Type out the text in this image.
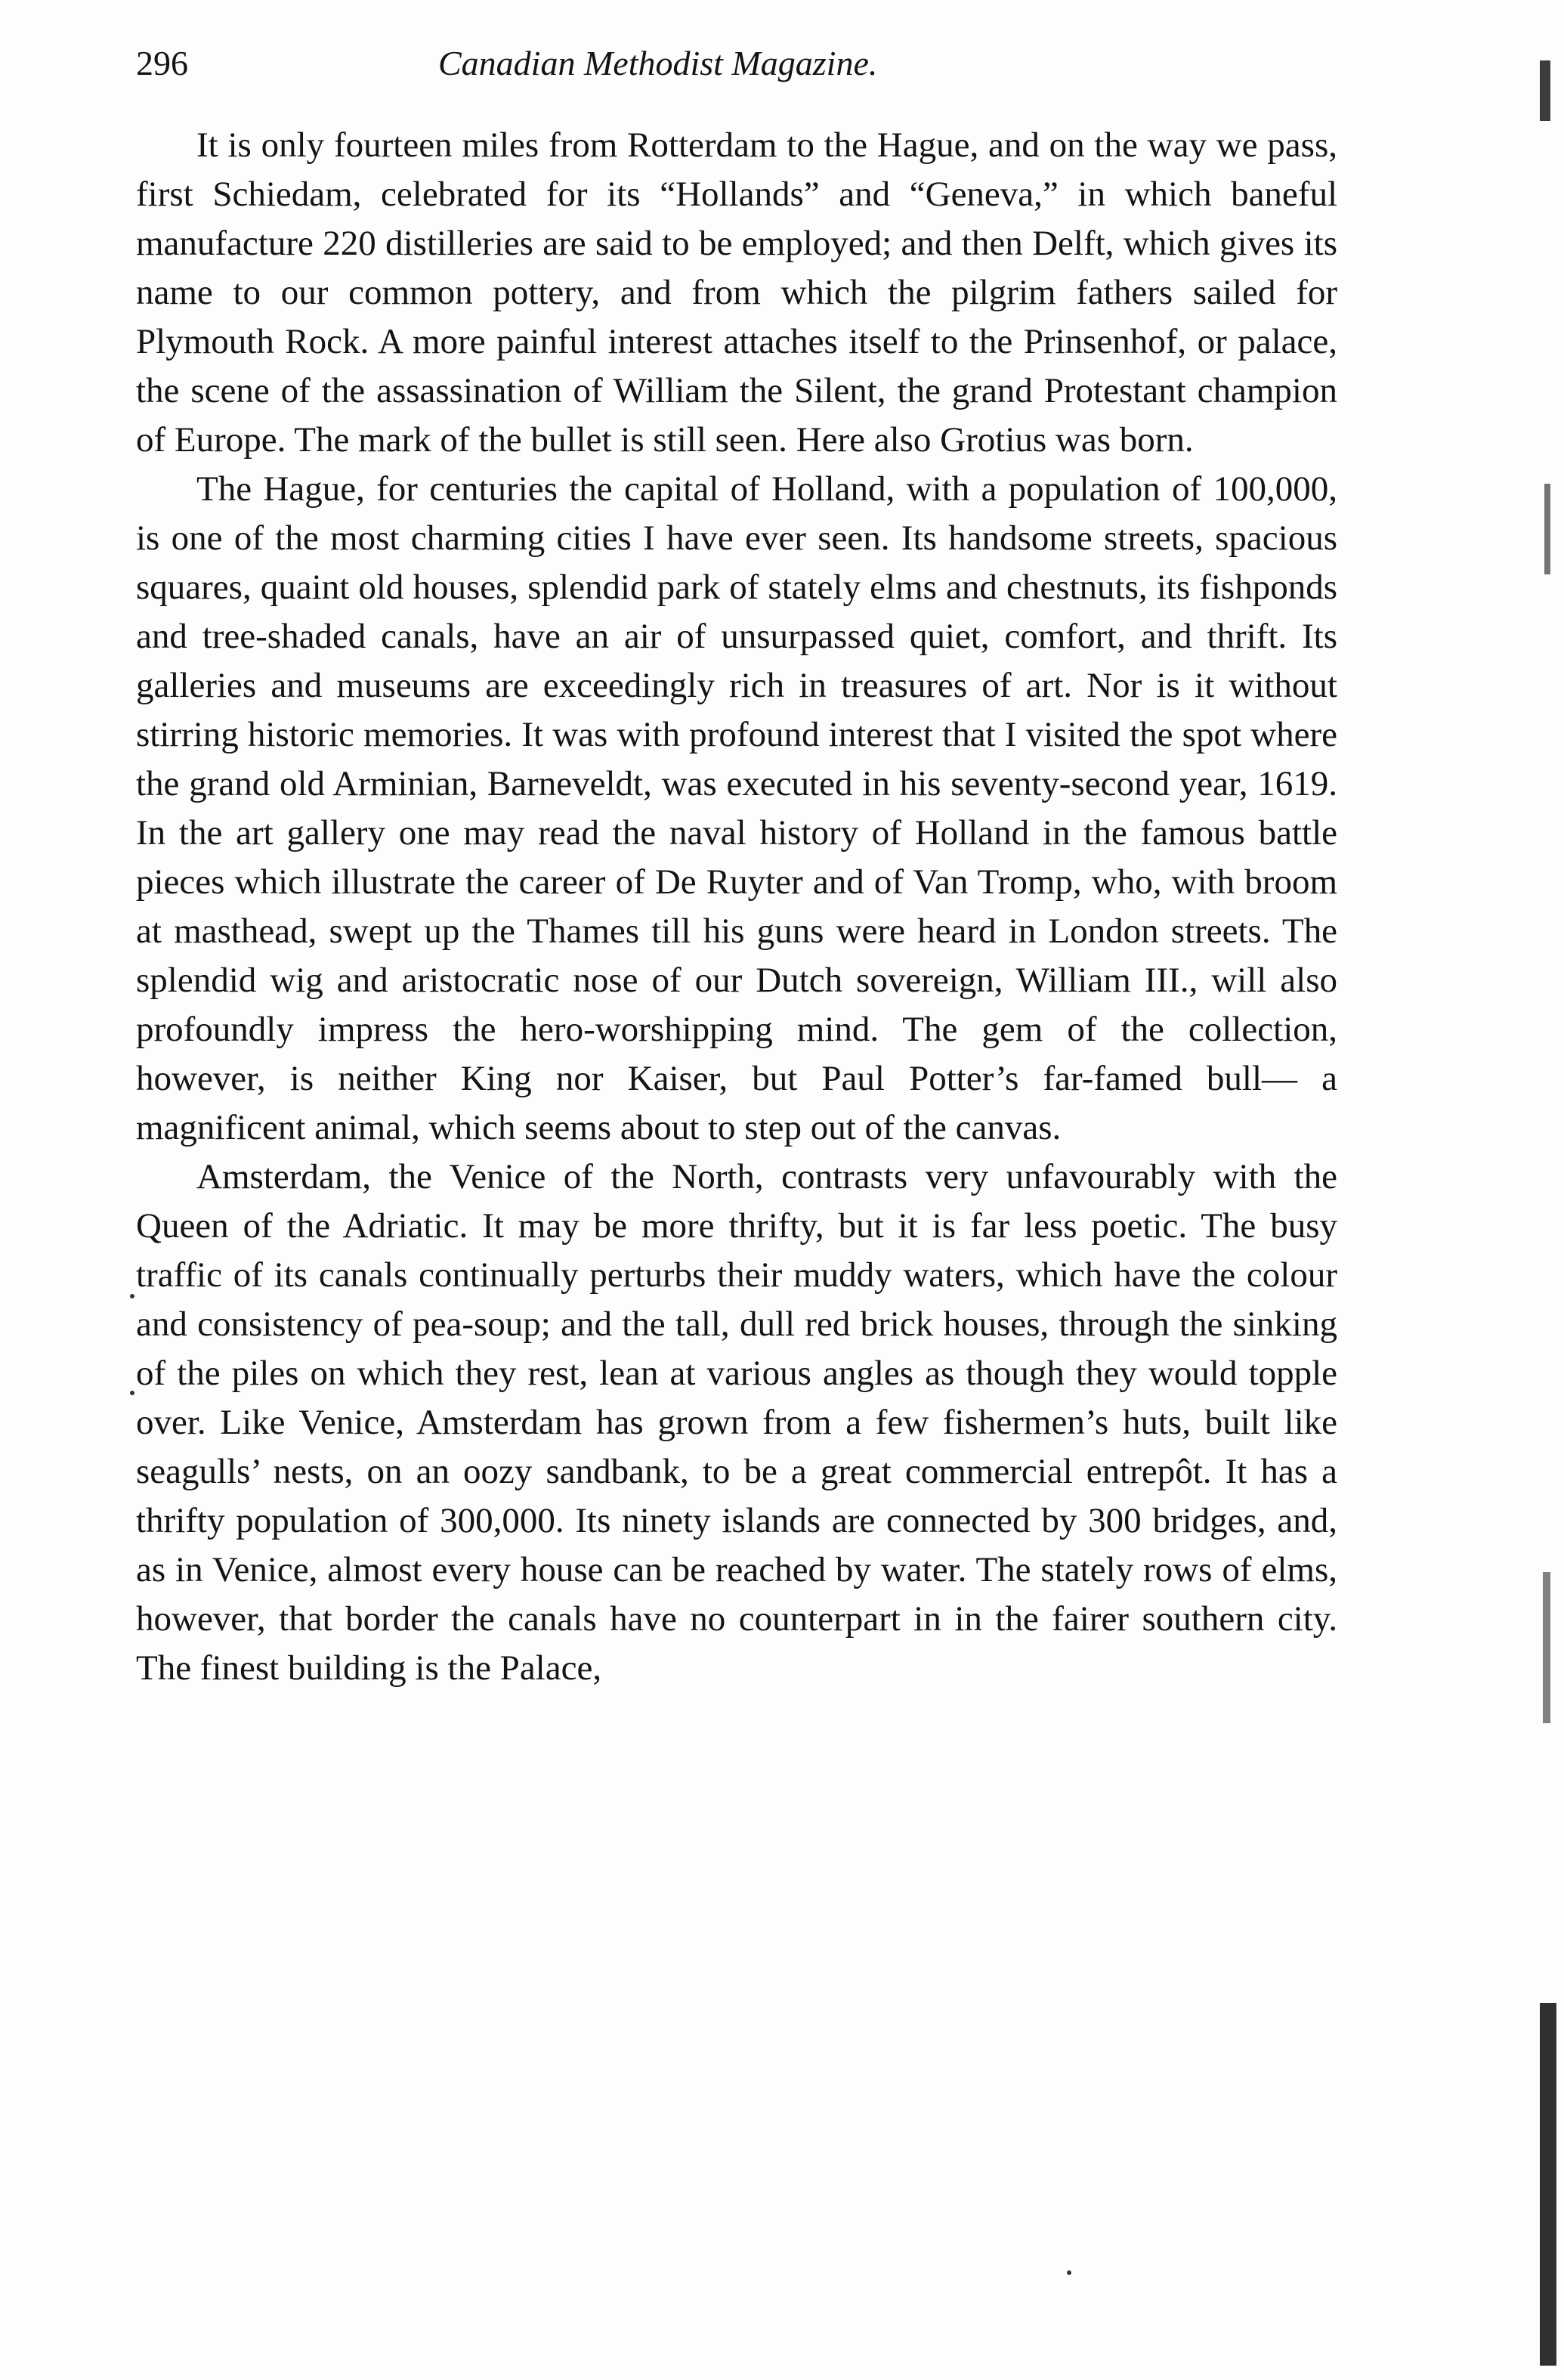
296	Canadian Methodist Magazine.

It is only fourteen miles from Rotterdam to the Hague, and on the way we pass, first Schiedam, celebrated for its “Hollands” and “Geneva,” in which baneful manufacture 220 distilleries are said to be employed; and then Delft, which gives its name to our common pottery, and from which the pilgrim fathers sailed for Plymouth Rock. A more painful interest attaches itself to the Prinsenhof, or palace, the scene of the assassination of William the Silent, the grand Protestant champion of Europe. The mark of the bullet is still seen. Here also Grotius was born.

The Hague, for centuries the capital of Holland, with a population of 100,000, is one of the most charming cities I have ever seen. Its handsome streets, spacious squares, quaint old houses, splendid park of stately elms and chestnuts, its fishponds and tree-shaded canals, have an air of unsurpassed quiet, comfort, and thrift. Its galleries and museums are exceedingly rich in treasures of art. Nor is it without stirring historic memories. It was with profound interest that I visited the spot where the grand old Arminian, Barneveldt, was executed in his seventy-second year, 1619. In the art gallery one may read the naval history of Holland in the famous battle pieces which illustrate the career of De Ruyter and of Van Tromp, who, with broom at masthead, swept up the Thames till his guns were heard in London streets. The splendid wig and aristocratic nose of our Dutch sovereign, William III., will also profoundly impress the hero-worshipping mind. The gem of the collection, however, is neither King nor Kaiser, but Paul Potter’s far-famed bull— a magnificent animal, which seems about to step out of the canvas.

Amsterdam, the Venice of the North, contrasts very unfavourably with the Queen of the Adriatic. It may be more thrifty, but it is far less poetic. The busy traffic of its canals continually perturbs their muddy waters, which have the colour and consistency of pea-soup; and the tall, dull red brick houses, through the sinking of the piles on which they rest, lean at various angles as though they would topple over. Like Venice, Amsterdam has grown from a few fishermen’s huts, built like seagulls’ nests, on an oozy sandbank, to be a great commercial entrepôt. It has a thrifty population of 300,000. Its ninety islands are connected by 300 bridges, and, as in Venice, almost every house can be reached by water. The stately rows of elms, however, that border the canals have no counterpart in in the fairer southern city. The finest building is the Palace,
